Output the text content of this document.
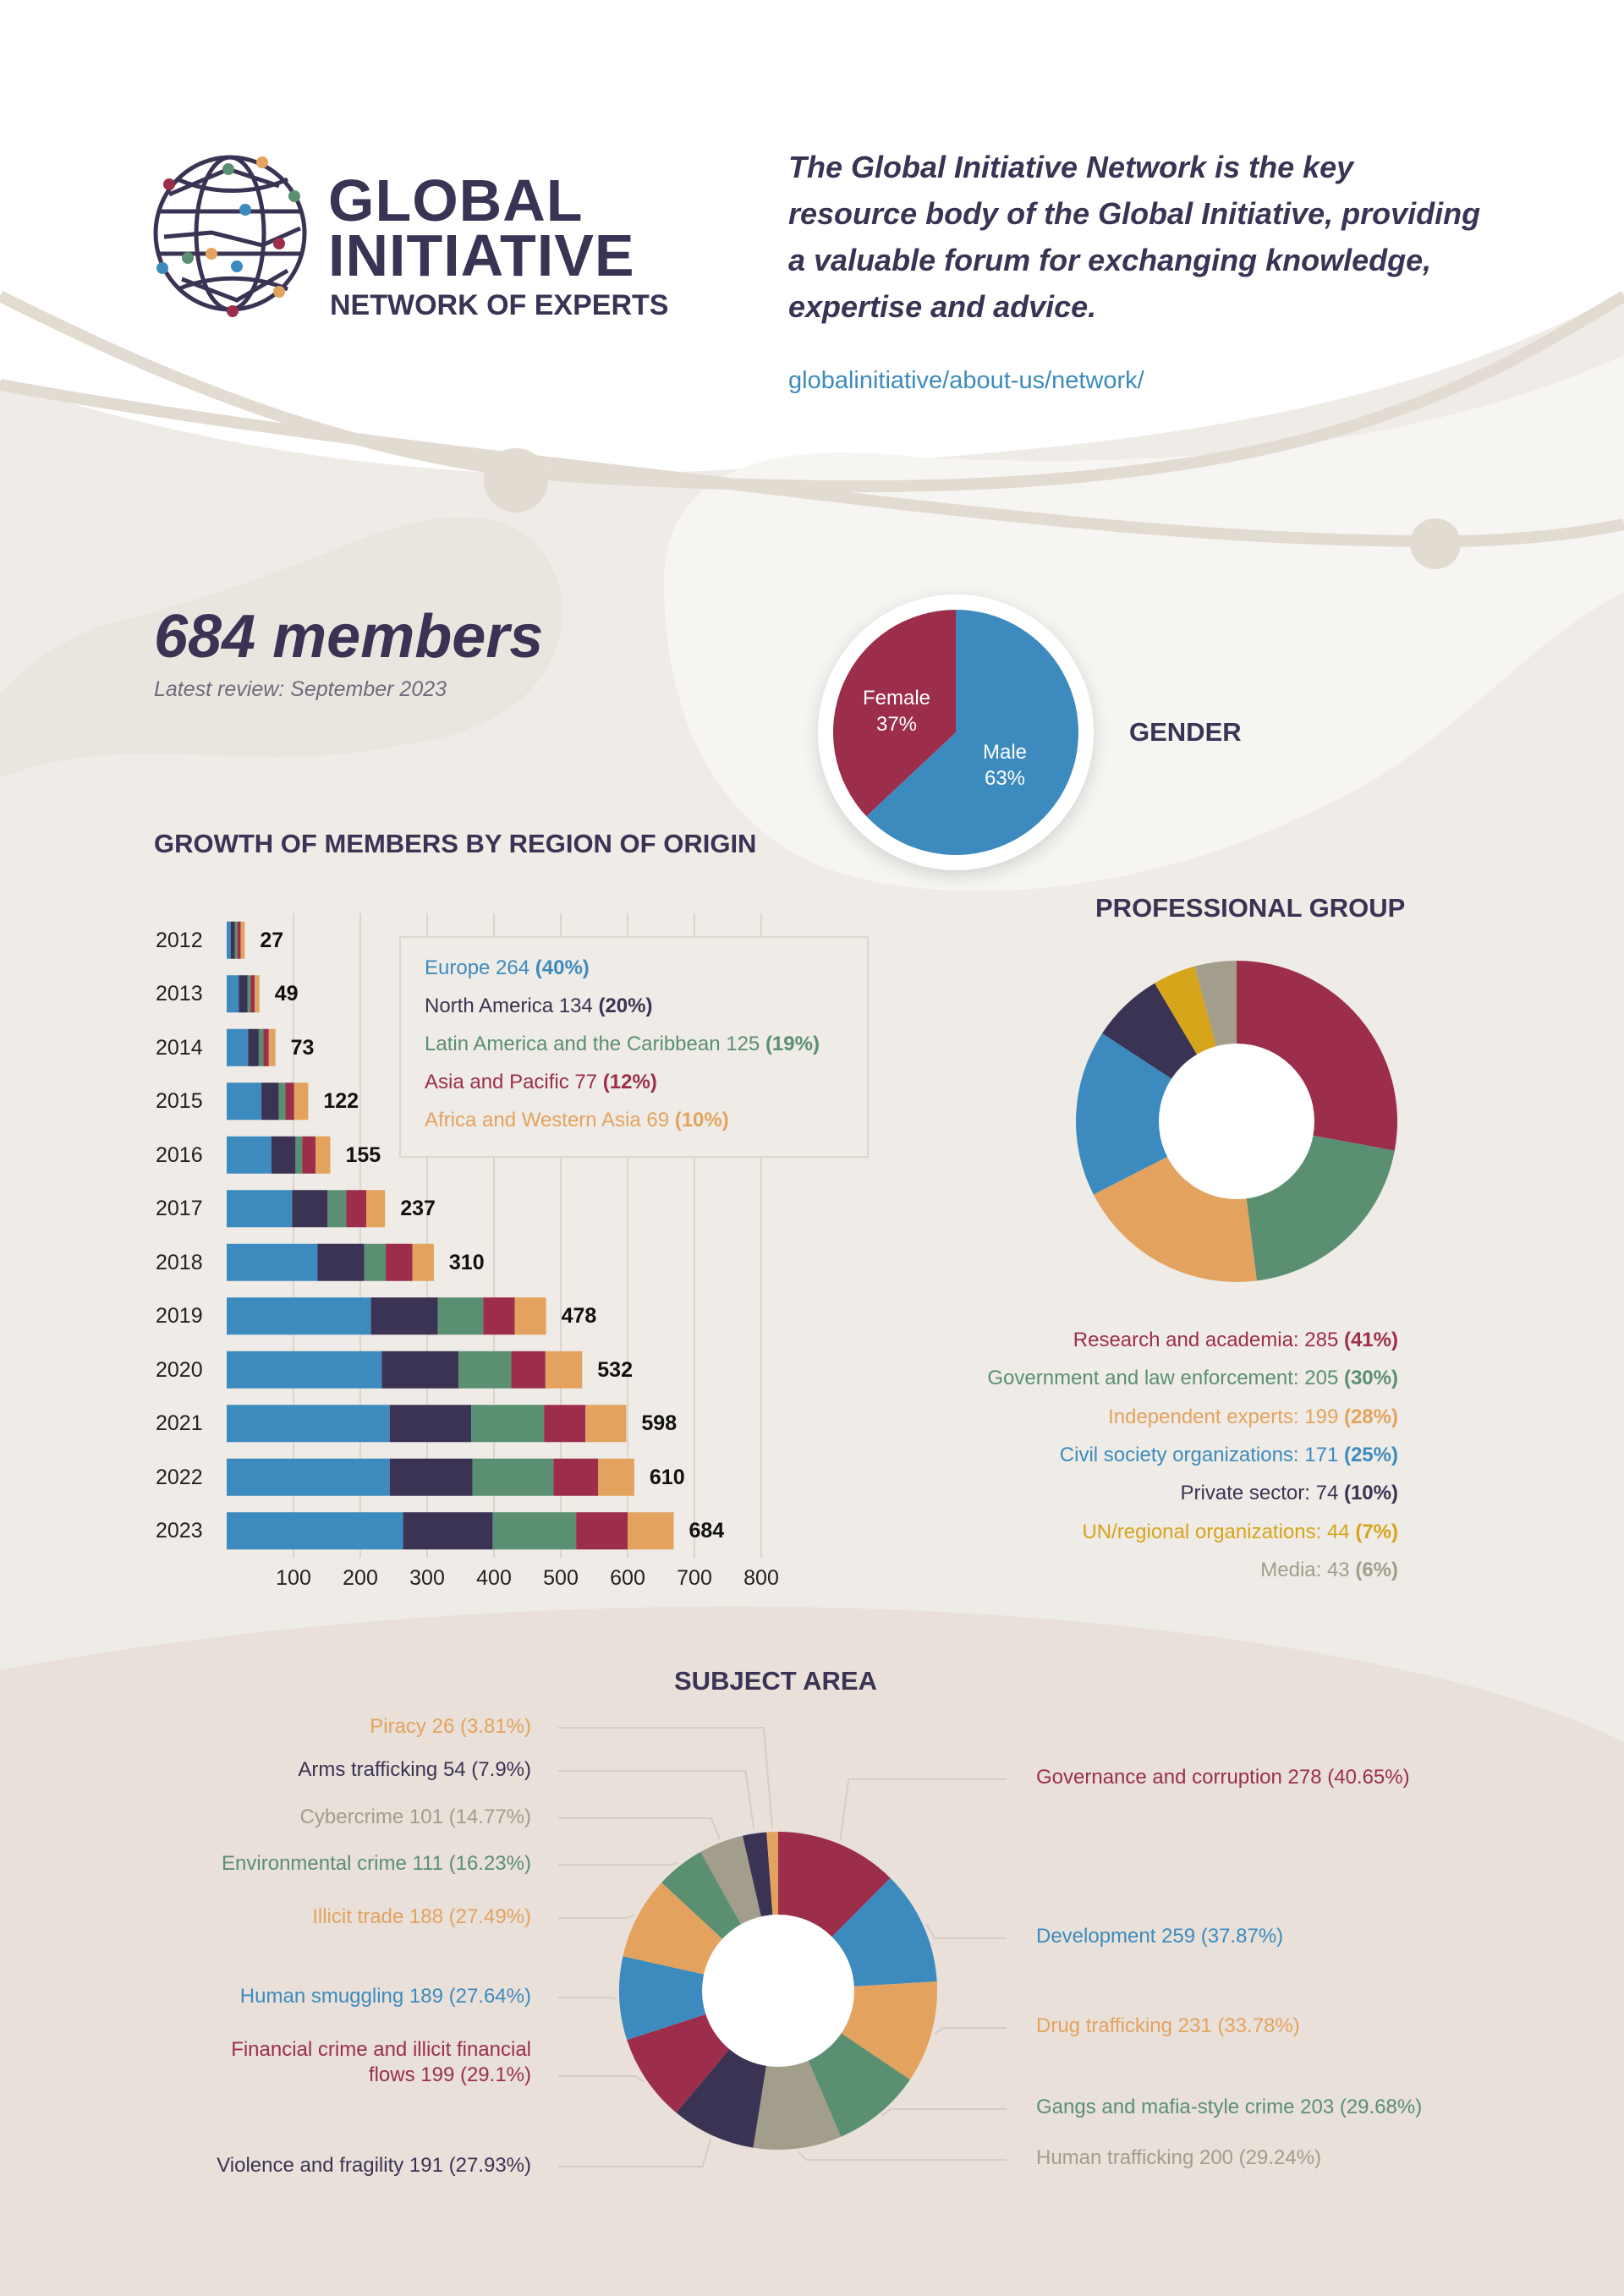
GLOBAL
INITIATIVE
NETWORK OF EXPERTS
The Global Initiative Network is the key resource body of the Global Initiative, providing a valuable forum for exchanging knowledge, expertise and advice.
globalinitiative/about-us/network/
684 members
Latest review: September 2023	Female
37%
Male
63%
GENDER
GROWTH OF MEMBERS BY REGION OF ORIGIN
100	200	300	400	500	600	700	800
2012	27
2013	49
2014	73
2015	122
2016	155
2017	237
2018	310
2019	478
2020	532
2021	598
2022	610
2023	684
Europe 264 (40%)
North America 134 (20%)
Latin America and the Caribbean 125 (19%)
Asia and Pacific 77 (12%)
Africa and Western Asia 69 (10%)
PROFESSIONAL GROUP
Research and academia: 285 (41%)
Government and law enforcement: 205 (30%)
Independent experts: 199 (28%)
Civil society organizations: 171 (25%)
Private sector: 74 (10%)
UN/regional organizations: 44 (7%)
Media: 43 (6%)
SUBJECT AREA
Governance and corruption 278 (40.65%)
Development 259 (37.87%)
Drug trafficking 231 (33.78%)
Gangs and mafia-style crime 203 (29.68%)
Human trafficking 200 (29.24%)
Violence and fragility 191 (27.93%)
Financial crime and illicit financial
flows 199 (29.1%)
Human smuggling 189 (27.64%)
Illicit trade 188 (27.49%)
Environmental crime 111 (16.23%)
Cybercrime 101 (14.77%)
Arms trafficking 54 (7.9%)
Piracy 26 (3.81%)
